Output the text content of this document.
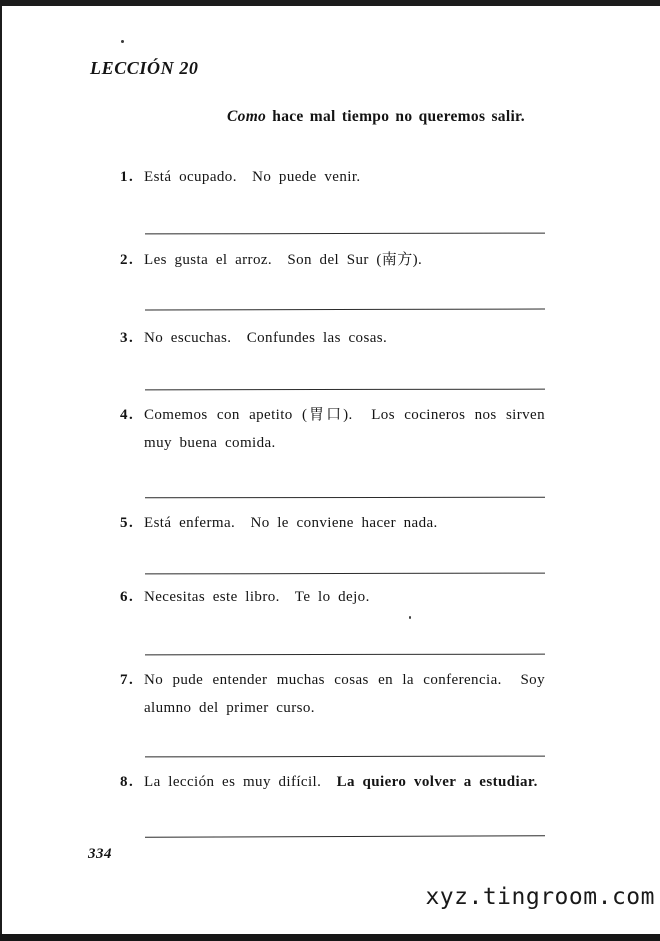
LECCIÓN 20
Como hace mal tiempo no queremos salir.
1. Está ocupado.  No puede venir.
2. Les gusta el arroz.  Son del Sur (南方).
3. No escuchas.  Confundes las cosas.
4. Comemos con apetito (胃口).  Los cocineros nos sirven muy buena comida.
5. Está enferma.  No le conviene hacer nada.
6. Necesitas este libro.  Te lo dejo.
7. No pude entender muchas cosas en la conferencia.  Soy alumno del primer curso.
8. La lección es muy difícil.  La quiero volver a estudiar.
334
xyz.tingroom.com
